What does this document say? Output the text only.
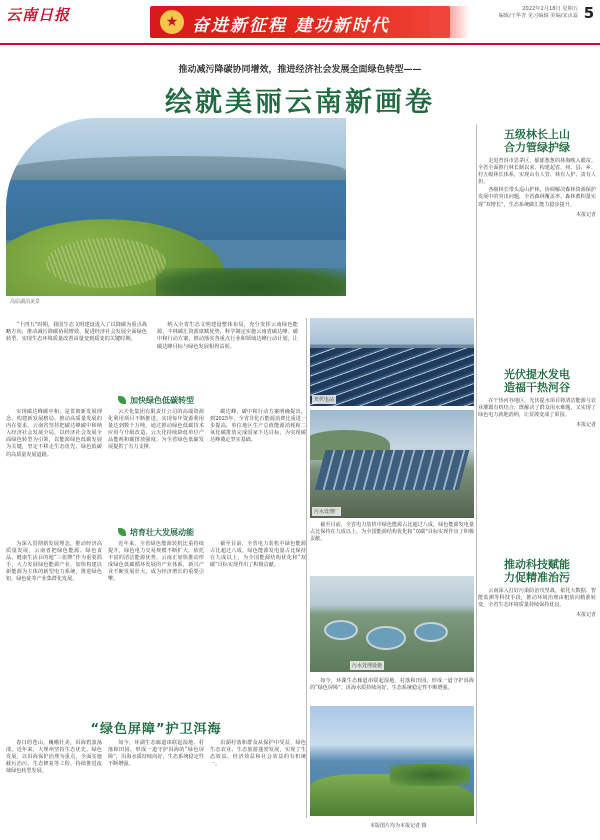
云南日报	★ 奋进新征程 建功新时代
2022年2月18日 星期五
编辑/王华青 见习编辑 美编/宋贞霖 5
推动减污降碳协同增效，推进经济社会发展全面绿色转型——
绘就美丽云南新画卷
高原湖泊美景
“十四五”时期，我国生态文明建设进入了以降碳为重点战略方向、推动减污降碳协同增效、促进经济社会发展全面绿色转型、实现生态环境质量改善由量变到质变的关键时期。
纳入全省生态文明建设整体布局，充分发挥云南绿色能源、丰林碳汇资源禀赋优势，科学制定实施云南省碳达峰、碳中和行动方案，推动落实各重点行业和领域达峰行动计划，让碳达峰目标与绿色发展相得益彰。
加快绿色低碳转型
实现碳达峰碳中和，是贯彻新发展理念、构建新发展格局、推动高质量发展的内在要求。云南省坚持把碳达峰碳中和纳入经济社会发展全局，以经济社会发展全面绿色转型为引领，以能源绿色低碳发展为关键，坚定不移走生态优先、绿色低碳的高质量发展道路。
云天化集团有限责任公司的高端资源化利用项目不断推进，实现每年资源利用量达到数千万吨。通过推动绿色低碳技术应用与升级改造，云天化持续降低单位产品能耗和碳排放强度，为全省绿色低碳发展提供了有力支撑。
碳达峰、碳中和行动方案明确提出，到2025年，全省非化石能源消费比重进一步提高，单位地区生产总值能源消耗和二氧化碳排放完成国家下达目标，为实现碳达峰奠定坚实基础。
培育壮大发展动能
为深入贯彻新发展理念，推动经济高质量发展，云南省把绿色能源、绿色食品、健康生活目的地“三张牌”作为重要抓手，大力发展绿色能源产业，加快构建以新能源为主体的新型电力系统，推进绿色铝、绿色硅等产业集群化发展。
近年来，全省绿色能源装机比重持续提升，绿色电力交易规模不断扩大。依托丰富的清洁能源优势，云南正加快推动形成绿色低碳循环发展的产业体系，新兴产业不断发展壮大，成为经济增长的重要引擎。
截至目前，全省电力装机中绿色能源占比超过八成，绿色能源发电量占比保持在九成以上，为全国能源结构优化和“双碳”目标实现作出了积极贡献。
“绿色屏障”护卫洱海
春日的苍山，巍峨壮美，洱海碧波荡漾。近年来，大理州坚持生态优先、绿色发展，以洱海保护治理为重点，全面实施截污治污、生态修复等工程，持续推进流域绿色转型发展。
如今，环湖生态廊道串联起湿地、村落和田园，形成一道守护洱海的“绿色屏障”，洱海水质持续向好，生态系统稳定性不断增强。
沿湖村落和群众从保护中受益，绿色生态农业、生态旅游蓬勃发展，实现了生态效益、经济效益和社会效益的有机统一。
光伏电站
污水处理厂
截至目前，全省电力装机中绿色能源占比超过八成，绿色能源发电量占比保持在九成以上，为全国能源结构优化和“双碳”目标实现作出了积极贡献。
污水处理设施
如今，环湖生态廊道串联起湿地、村落和田园，形成一道守护洱海的“绿色屏障”，洱海水质持续向好，生态系统稳定性不断增强。
本版图片均为本报记者 摄
五级林长上山
合力管绿护绿

走进普洱市思茅区，郁郁葱葱的林海映入眼帘。全省全面推行林长制以来，构建起省、州、县、乡、村五级林长体系，实现山有人管、林有人护、责有人担。

各级林长带头巡山护林、协调解决森林资源保护发展中的突出问题，全省森林覆盖率、森林蓄积量实现“双增长”，生态系统碳汇能力稳步提升。

本报记者
光伏提水发电
造福干热河谷
在干热河谷地区，光伏提水项目将清洁能源与农业灌溉有机结合，既解决了群众用水难题，又实现了绿色电力就地消纳，让荒坡变成了果园。
本报记者
推动科技赋能
力促精准治污
云南深入打好污染防治攻坚战，依托大数据、智能监测等科技手段，推动环境治理由粗放向精准转变，全省生态环境质量持续保持优良。
本报记者
